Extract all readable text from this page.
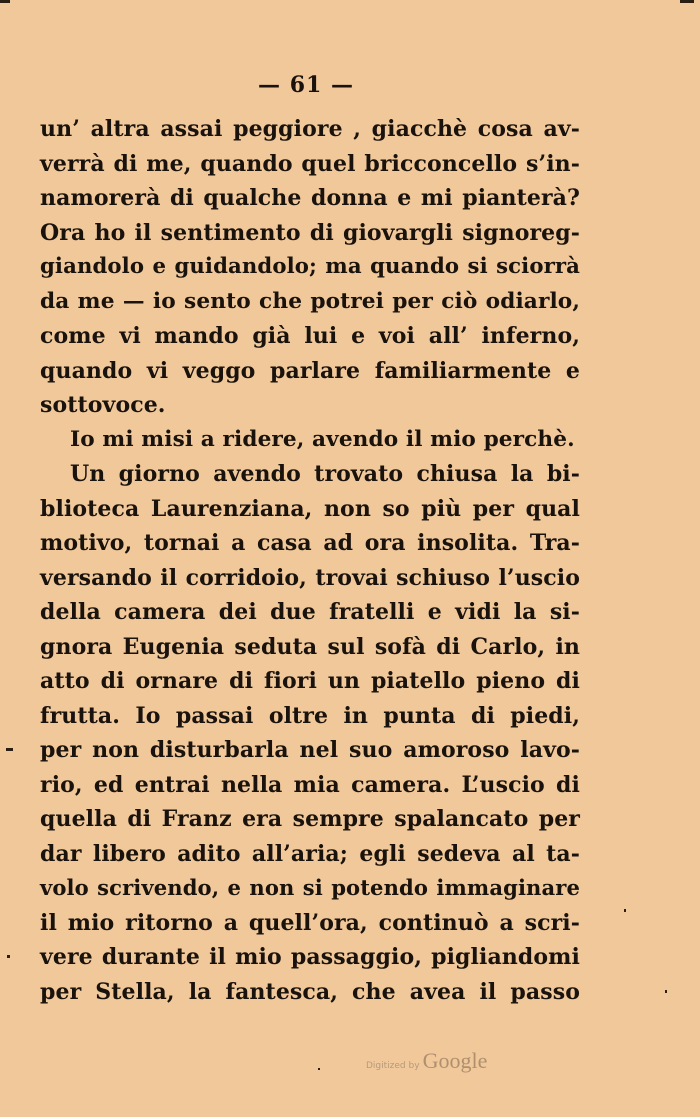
— 61 —
un’ altra assai peggiore , giacchè cosa av-
verrà di me, quando quel bricconcello s’in-
namorerà di qualche donna e mi pianterà?
Ora ho il sentimento di giovargli signoreg-
giandolo e guidandolo; ma quando si sciorrà
da me — io sento che potrei per ciò odiarlo,
come vi mando già lui e voi all’ inferno,
quando vi veggo parlare familiarmente e
sottovoce.
Io mi misi a ridere, avendo il mio perchè.
Un giorno avendo trovato chiusa la bi-
blioteca Laurenziana, non so più per qual
motivo, tornai a casa ad ora insolita. Tra-
versando il corridoio, trovai schiuso l’uscio
della camera dei due fratelli e vidi la si-
gnora Eugenia seduta sul sofà di Carlo, in
atto di ornare di fiori un piatello pieno di
frutta. Io passai oltre in punta di piedi,
per non disturbarla nel suo amoroso lavo-
rio, ed entrai nella mia camera. L’uscio di
quella di Franz era sempre spalancato per
dar libero adito all’aria; egli sedeva al ta-
volo scrivendo, e non si potendo immaginare
il mio ritorno a quell’ora, continuò a scri-
vere durante il mio passaggio, pigliandomi
per Stella, la fantesca, che avea il passo
Digitized by Google
